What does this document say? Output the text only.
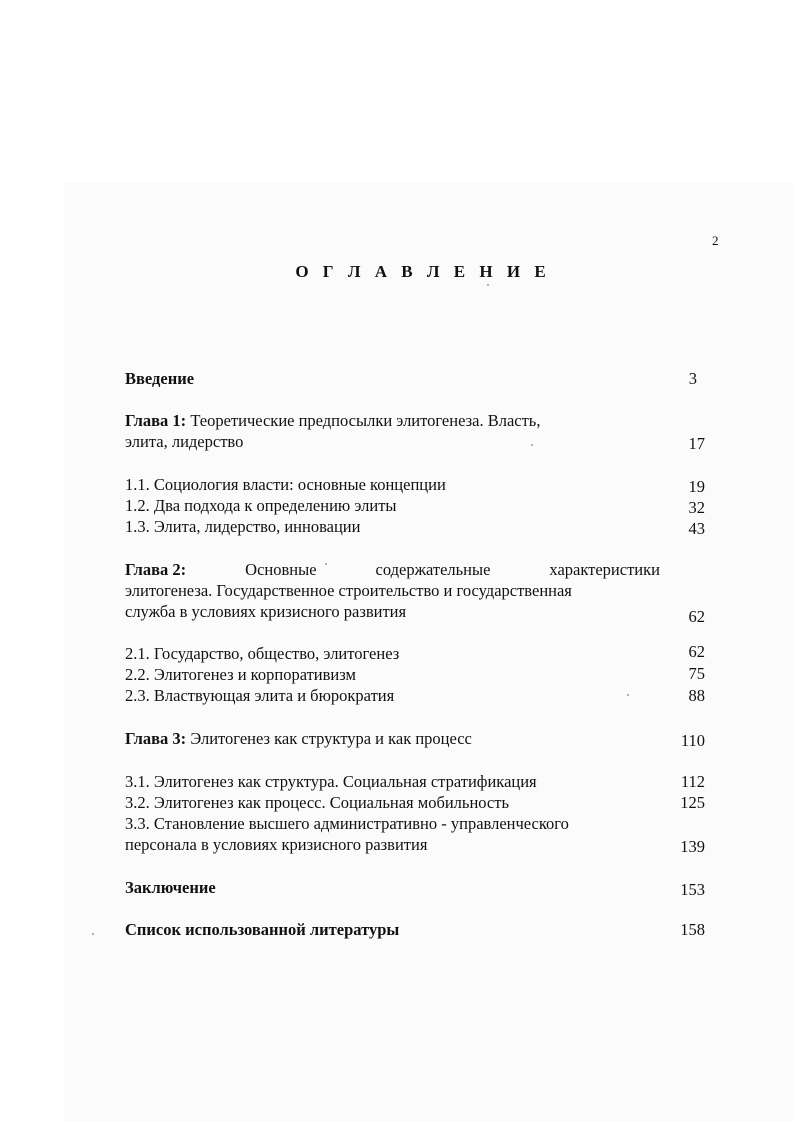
2
О Г Л А В Л Е Н И Е
Введение	3
Глава 1: Теоретические предпосылки элитогенеза. Власть,
элита, лидерство	17
1.1. Социология власти: основные концепции	19
1.2. Два подхода к определению элиты	32
1.3. Элита, лидерство, инновации	43
Глава 2:	Основные	содержательные	характеристики
элитогенеза. Государственное строительство и государственная
служба в условиях кризисного развития	62
2.1. Государство, общество, элитогенез	62
2.2. Элитогенез и корпоративизм	75
2.3. Властвующая элита и бюрократия	88
Глава 3: Элитогенез как структура и как процесс	110
3.1. Элитогенез как структура. Социальная стратификация	112
3.2. Элитогенез как процесс. Социальная мобильность	125
3.3. Становление высшего административно - управленческого
персонала в условиях кризисного развития	139
Заключение	153
Список использованной литературы	158
